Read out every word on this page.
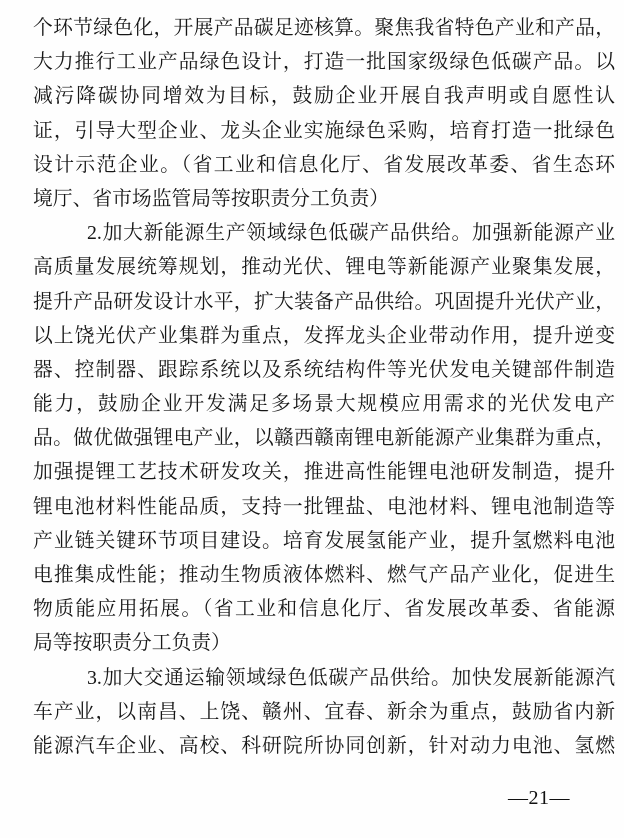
个环节绿色化，开展产品碳足迹核算。聚焦我省特色产业和产品，
大力推行工业产品绿色设计，打造一批国家级绿色低碳产品。以
减污降碳协同增效为目标，鼓励企业开展自我声明或自愿性认
证，引导大型企业、龙头企业实施绿色采购，培育打造一批绿色
设计示范企业。（省工业和信息化厅、省发展改革委、省生态环
境厅、省市场监管局等按职责分工负责）
2.加大新能源生产领域绿色低碳产品供给。加强新能源产业
高质量发展统筹规划，推动光伏、锂电等新能源产业聚集发展，
提升产品研发设计水平，扩大装备产品供给。巩固提升光伏产业，
以上饶光伏产业集群为重点，发挥龙头企业带动作用，提升逆变
器、控制器、跟踪系统以及系统结构件等光伏发电关键部件制造
能力，鼓励企业开发满足多场景大规模应用需求的光伏发电产
品。做优做强锂电产业，以赣西赣南锂电新能源产业集群为重点，
加强提锂工艺技术研发攻关，推进高性能锂电池研发制造，提升
锂电池材料性能品质，支持一批锂盐、电池材料、锂电池制造等
产业链关键环节项目建设。培育发展氢能产业，提升氢燃料电池
电推集成性能；推动生物质液体燃料、燃气产品产业化，促进生
物质能应用拓展。（省工业和信息化厅、省发展改革委、省能源
局等按职责分工负责）
3.加大交通运输领域绿色低碳产品供给。加快发展新能源汽
车产业，以南昌、上饶、赣州、宜春、新余为重点，鼓励省内新
能源汽车企业、高校、科研院所协同创新，针对动力电池、氢燃
—21—
